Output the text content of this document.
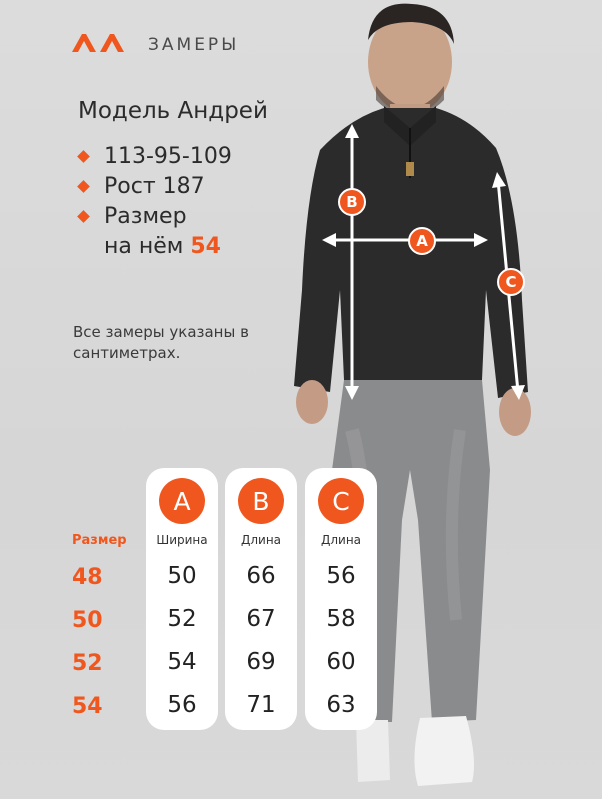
B
A
C
ЗАМЕРЫ
Модель Андрей
113-95-109
Рост 187
Размер
на нём 54
Все замеры указаны в сантиметрах.
Размер
48
50
52
54
A
Ширина
50
52
54
56
B
Длина
66
67
69
71
C
Длина
56
58
60
63
